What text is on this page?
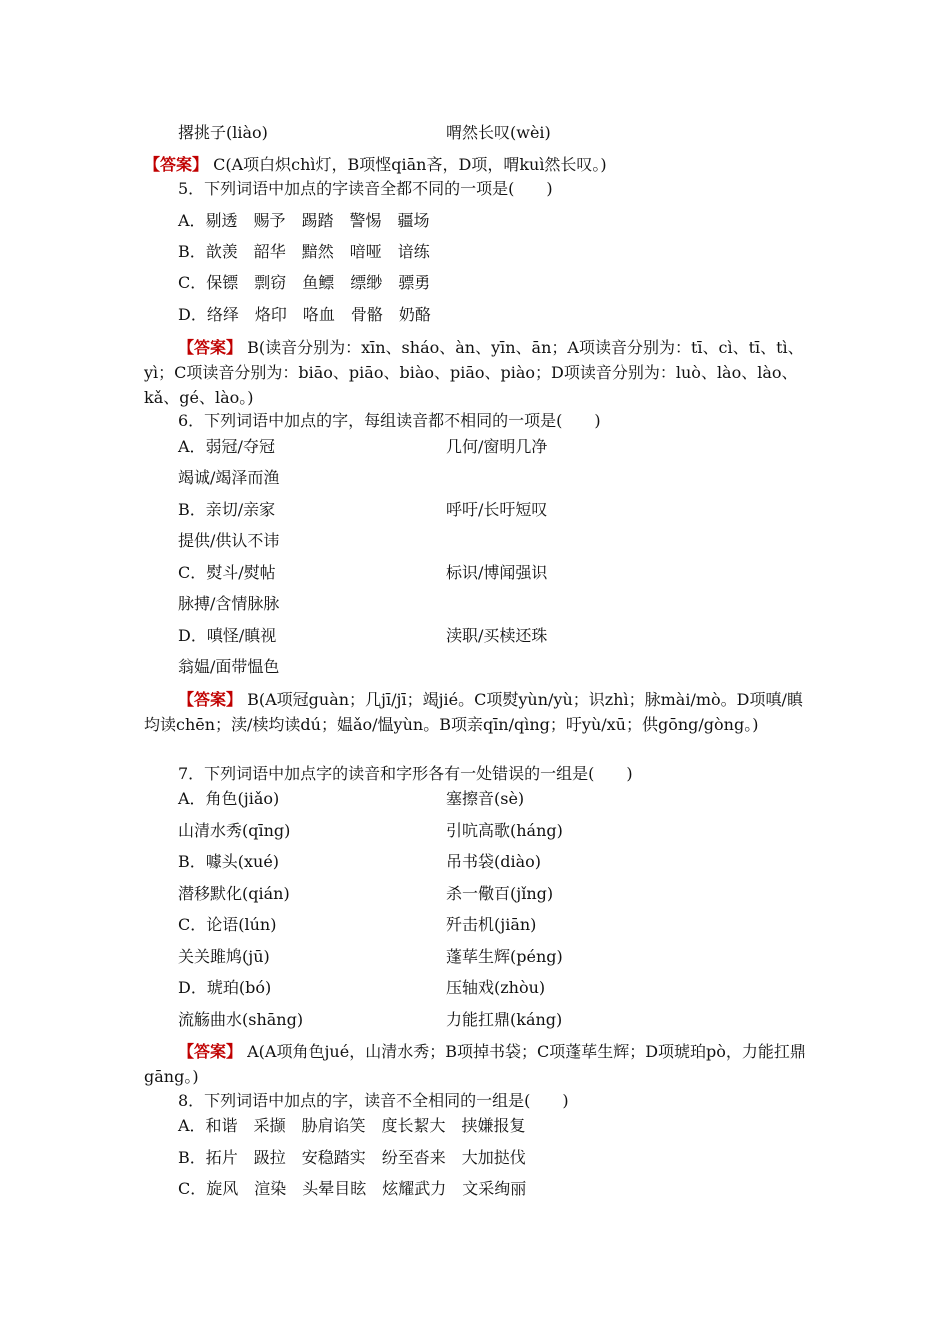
撂挑子(liào)	喟然长叹(wèi)
【答案】 C(A项白炽chì灯，B项悭qiān吝，D项，喟kuì然长叹。)
5．下列词语中加点的字读音全都不同的一项是(　　)
A．剔透　赐予　踢踏　警惕　疆场
B．歆羡　韶华　黯然　喑哑　谙练
C．保镖　剽窃　鱼鳔　缥缈　骠勇
D．络绎　烙印　咯血　骨骼　奶酪
【答案】 B(读音分别为：xīn、sháo、àn、yīn、ān；A项读音分别为：tī、cì、tī、tì、yì；C项读音分别为：biāo、piāo、biào、piāo、piào；D项读音分别为：luò、lào、lào、kǎ、gé、lào。)
6．下列词语中加点的字，每组读音都不相同的一项是(　　)
A．弱冠/夺冠	几何/窗明几净
竭诚/竭泽而渔
B．亲切/亲家	呼吁/长吁短叹
提供/供认不讳
C．熨斗/熨帖	标识/博闻强识
脉搏/含情脉脉
D．嗔怪/瞋视	渎职/买椟还珠
翁媪/面带愠色
【答案】 B(A项冠guàn；几jī/jī；竭jié。C项熨yùn/yù；识zhì；脉mài/mò。D项嗔/瞋均读chēn；渎/椟均读dú；媪ǎo/愠yùn。B项亲qīn/qìng；吁yù/xū；供gōng/gòng。)
7．下列词语中加点字的读音和字形各有一处错误的一组是(　　)
A．角色(jiǎo)	塞擦音(sè)
山清水秀(qīng)	引吭高歌(háng)
B．噱头(xué)	吊书袋(diào)
潜移默化(qián)	杀一儆百(jǐng)
C．论语(lún)	歼击机(jiān)
关关雎鸠(jū)	蓬荜生辉(péng)
D．琥珀(bó)	压轴戏(zhòu)
流觞曲水(shāng)	力能扛鼎(káng)
【答案】 A(A项角色jué，山清水秀；B项掉书袋；C项蓬荜生辉；D项琥珀pò，力能扛鼎gāng。)
8．下列词语中加点的字，读音不全相同的一组是(　　)
A．和谐　采撷　胁肩谄笑　度长絜大　挟嫌报复
B．拓片　趿拉　安稳踏实　纷至沓来　大加挞伐
C．旋风　渲染　头晕目眩　炫耀武力　文采绚丽
